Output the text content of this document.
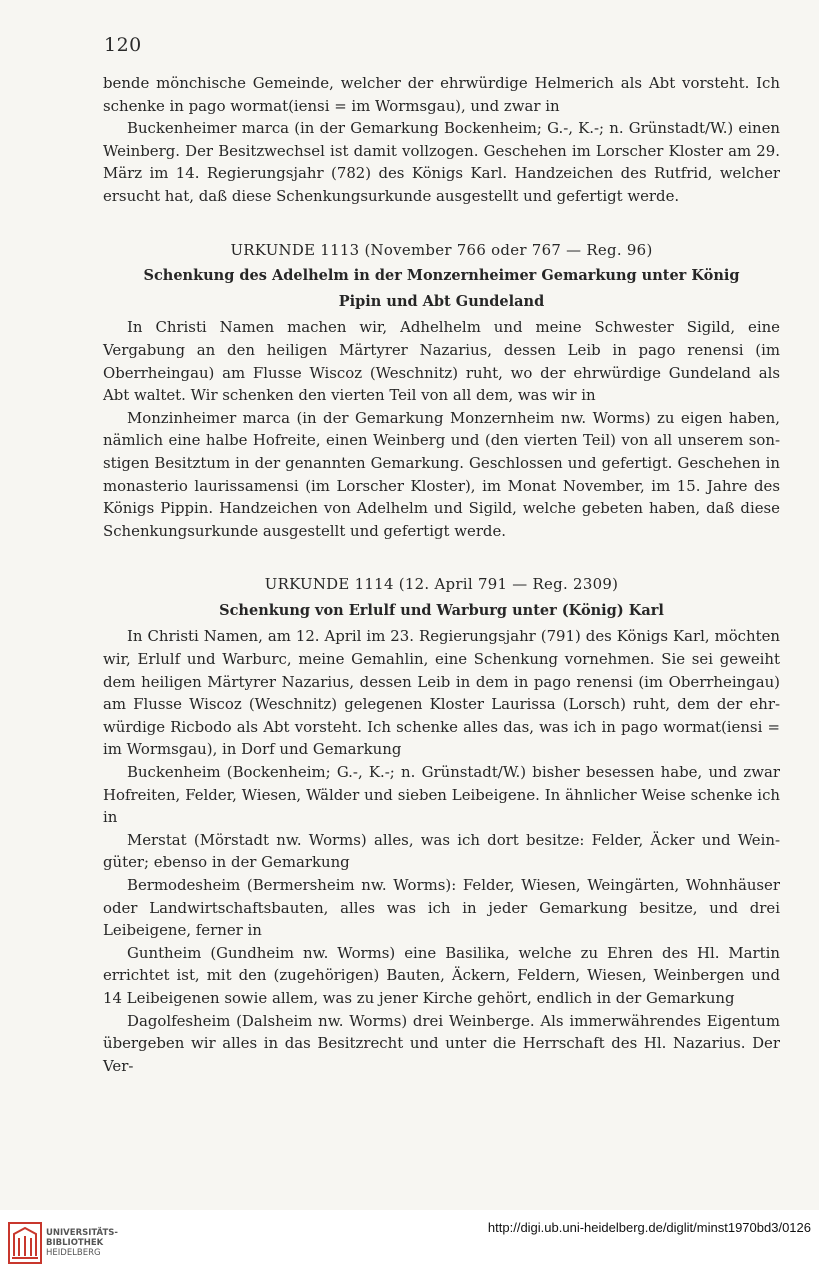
120

bende mönchische Gemeinde, welcher der ehrwürdige Helmerich als Abt vorsteht. Ich schenke in pago wormat(iensi = im Wormsgau), und zwar in

Buckenheimer marca (in der Gemarkung Bockenheim; G.-, K.-; n. Grünstadt/W.) einen Weinberg. Der Besitzwechsel ist damit vollzogen. Geschehen im Lorscher Kloster am 29. März im 14. Regierungsjahr (782) des Königs Karl. Handzeichen des Rutfrid, welcher ersucht hat, daß diese Schenkungsurkunde ausgestellt und gefertigt werde.

URKUNDE 1113 (November 766 oder 767 — Reg. 96)

Schenkung des Adelhelm in der Monzernheimer Gemarkung unter König

Pipin und Abt Gundeland

In Christi Namen machen wir, Adhelhelm und meine Schwester Sigild, eine Vergabung an den heiligen Märtyrer Nazarius, dessen Leib in pago renensi (im Oberrheingau) am Flusse Wiscoz (Weschnitz) ruht, wo der ehrwürdige Gundeland als Abt waltet. Wir schenken den vierten Teil von all dem, was wir in

Monzinheimer marca (in der Gemarkung Monzernheim nw. Worms) zu eigen haben, nämlich eine halbe Hofreite, einen Weinberg und (den vierten Teil) von all unserem sonstigen Besitztum in der genannten Gemarkung. Geschlossen und gefertigt. Geschehen in monasterio laurissamensi (im Lorscher Kloster), im Monat November, im 15. Jahre des Königs Pippin. Handzeichen von Adelhelm und Sigild, welche gebeten haben, daß diese Schenkungsurkunde ausgestellt und gefertigt werde.

URKUNDE 1114 (12. April 791 — Reg. 2309)

Schenkung von Erlulf und Warburg unter (König) Karl

In Christi Namen, am 12. April im 23. Regierungsjahr (791) des Königs Karl, möchten wir, Erlulf und Warburc, meine Gemahlin, eine Schenkung vornehmen. Sie sei geweiht dem heiligen Märtyrer Nazarius, dessen Leib in dem in pago renensi (im Oberrheingau) am Flusse Wiscoz (Weschnitz) gelegenen Kloster Laurissa (Lorsch) ruht, dem der ehrwürdige Ricbodo als Abt vorsteht. Ich schenke alles das, was ich in pago wormat(iensi = im Wormsgau), in Dorf und Gemarkung

Buckenheim (Bockenheim; G.-, K.-; n. Grünstadt/W.) bisher besessen habe, und zwar Hofreiten, Felder, Wiesen, Wälder und sieben Leibeigene. In ähnlicher Weise schenke ich in

Merstat (Mörstadt nw. Worms) alles, was ich dort besitze: Felder, Äcker und Weingüter; ebenso in der Gemarkung

Bermodesheim (Bermersheim nw. Worms): Felder, Wiesen, Weingärten, Wohnhäuser oder Landwirtschaftsbauten, alles was ich in jeder Gemarkung besitze, und drei Leibeigene, ferner in

Guntheim (Gundheim nw. Worms) eine Basilika, welche zu Ehren des Hl. Martin errichtet ist, mit den (zugehörigen) Bauten, Äckern, Feldern, Wiesen, Weinbergen und 14 Leibeigenen sowie allem, was zu jener Kirche gehört, endlich in der Gemarkung

Dagolfesheim (Dalsheim nw. Worms) drei Weinberge. Als immerwährendes Eigentum übergeben wir alles in das Besitzrecht und unter die Herrschaft des Hl. Nazarius. Der Ver-

UNIVERSITÄTS-
BIBLIOTHEK
HEIDELBERG
http://digi.ub.uni-heidelberg.de/diglit/minst1970bd3/0126
